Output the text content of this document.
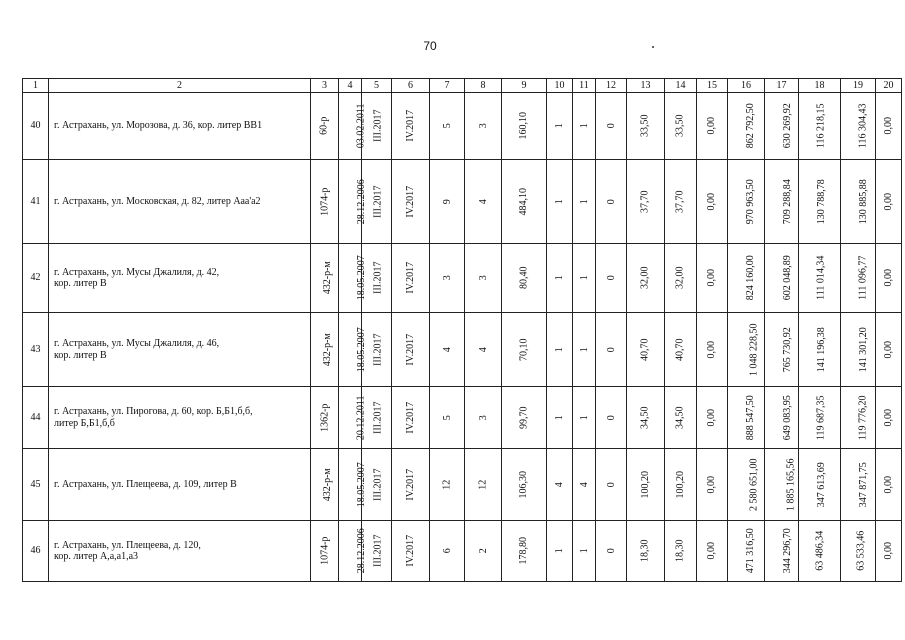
70
1	2	3	4	5	6	7	8	9	10	11	12	13	14	15	16	17	18	19	20
40	г. Астрахань, ул. Морозова, д. 36, кор. литер ВВ1	60-р	03.02.2011	III.2017	IV.2017	5	3	160,10	1	1	0	33,50	33,50	0,00	862 792,50	630 269,92	116 218,15	116 304,43	0,00
41	г. Астрахань, ул. Московская, д. 82, литер Ааа'а2	1074-р	28.12.2006	III.2017	IV.2017	9	4	484,10	1	1	0	37,70	37,70	0,00	970 963,50	709 288,84	130 788,78	130 885,88	0,00
42	г. Астрахань, ул. Мусы Джалиля, д. 42,
кор. литер В	432-р-м	18.05.2007	III.2017	IV.2017	3	3	80,40	1	1	0	32,00	32,00	0,00	824 160,00	602 048,89	111 014,34	111 096,77	0,00
43	г. Астрахань, ул. Мусы Джалиля, д. 46,
кор. литер В	432-р-м	18.05.2007	III.2017	IV.2017	4	4	70,10	1	1	0	40,70	40,70	0,00	1 048 228,50	765 730,92	141 196,38	141 301,20	0,00
44	г. Астрахань, ул. Пирогова, д. 60, кор. Б,Б1,б,б,
литер Б,Б1,б,б	1362-р	20.12.2011	III.2017	IV.2017	5	3	99,70	1	1	0	34,50	34,50	0,00	888 547,50	649 083,95	119 687,35	119 776,20	0,00
45	г. Астрахань, ул. Плещеева, д. 109, литер В	432-р-м	18.05.2007	III.2017	IV.2017	12	12	106,30	4	4	0	100,20	100,20	0,00	2 580 651,00	1 885 165,56	347 613,69	347 871,75	0,00
46	г. Астрахань, ул. Плещеева, д. 120,
кор. литер А,а,а1,а3	1074-р	28.12.2006	III.2017	IV.2017	6	2	178,80	1	1	0	18,30	18,30	0,00	471 316,50	344 296,70	63 486,34	63 533,46	0,00
